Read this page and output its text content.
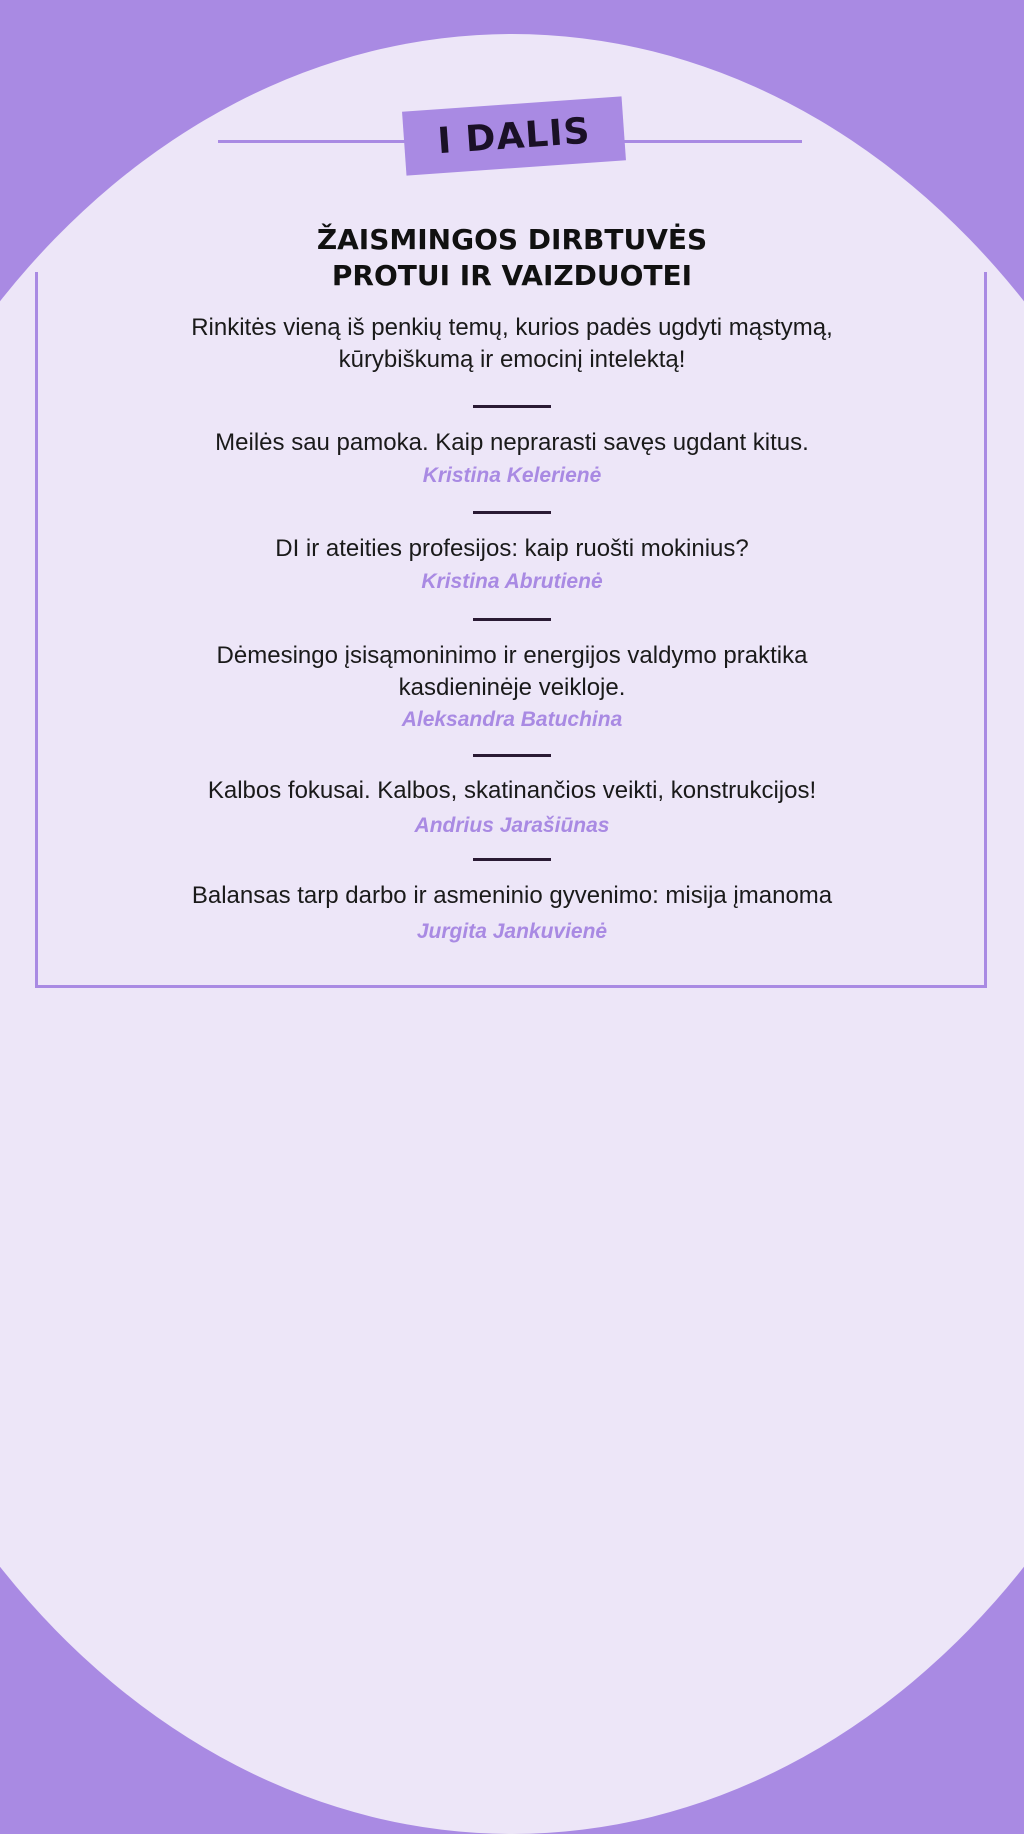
I DALIS
ŽAISMINGOS DIRBTUVĖS
PROTUI IR VAIZDUOTEI
Rinkitės vieną iš penkių temų, kurios padės ugdyti mąstymą,
kūrybiškumą ir emocinį intelektą!
Meilės sau pamoka. Kaip neprarasti savęs ugdant kitus.
Kristina Kelerienė
DI ir ateities profesijos: kaip ruošti mokinius?
Kristina Abrutienė
Dėmesingo įsisąmoninimo ir energijos valdymo praktika
kasdieninėje veikloje.
Aleksandra Batuchina
Kalbos fokusai. Kalbos, skatinančios veikti, konstrukcijos!
Andrius Jarašiūnas
Balansas tarp darbo ir asmeninio gyvenimo: misija įmanoma
Jurgita Jankuvienė
